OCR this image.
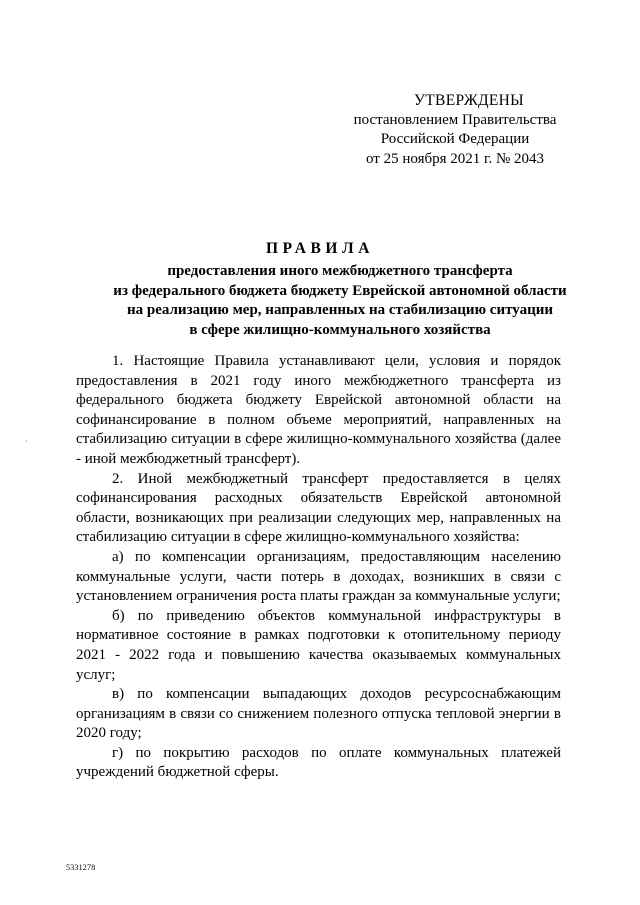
УТВЕРЖДЕНЫ
постановлением Правительства
Российской Федерации
от 25 ноября 2021 г. № 2043
ПРАВИЛА
предоставления иного межбюджетного трансферта
из федерального бюджета бюджету Еврейской автономной области
на реализацию мер, направленных на стабилизацию ситуации
в сфере жилищно-коммунального хозяйства

1. Настоящие Правила устанавливают цели, условия и порядок предоставления в 2021 году иного межбюджетного трансферта из федерального бюджета бюджету Еврейской автономной области на софинансирование в полном объеме мероприятий, направленных на стабилизацию ситуации в сфере жилищно-коммунального хозяйства (далее - иной межбюджетный трансферт).

2. Иной межбюджетный трансферт предоставляется в целях софинансирования расходных обязательств Еврейской автономной области, возникающих при реализации следующих мер, направленных на стабилизацию ситуации в сфере жилищно-коммунального хозяйства:

а) по компенсации организациям, предоставляющим населению коммунальные услуги, части потерь в доходах, возникших в связи с установлением ограничения роста платы граждан за коммунальные услуги;

б) по приведению объектов коммунальной инфраструктуры в нормативное состояние в рамках подготовки к отопительному периоду 2021 - 2022 года и повышению качества оказываемых коммунальных услуг;

в) по компенсации выпадающих доходов ресурсоснабжающим организациям в связи со снижением полезного отпуска тепловой энергии в 2020 году;

г) по покрытию расходов по оплате коммунальных платежей учреждений бюджетной сферы.

5331278
